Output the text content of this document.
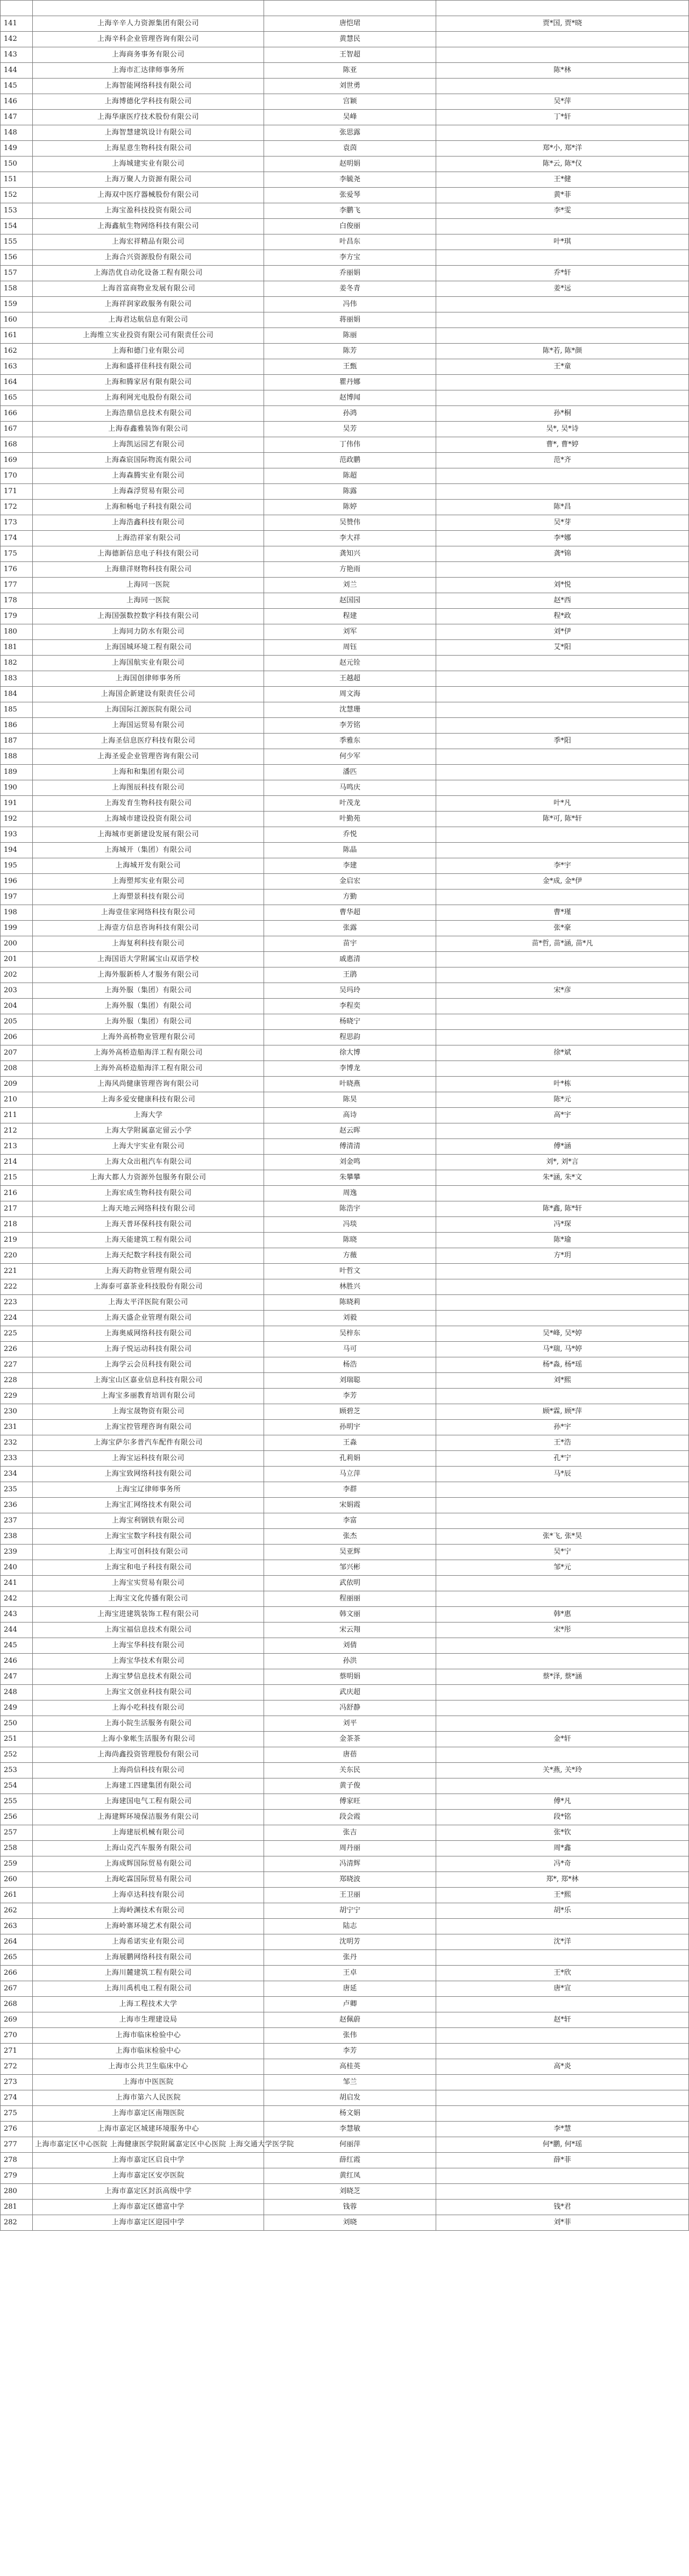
141	上海辛辛人力资源集团有限公司	唐恺珺	贾*国, 贾*晓
142	上海辛科企业管理咨询有限公司	黄慧民	
143	上海商务事务有限公司	王智超	
144	上海市汇达律师事务所	陈亚	陈*林
145	上海智能网络科技有限公司	刘世勇	
146	上海博德化学科技有限公司	宫颖	吴*萍
147	上海华康医疗技术股份有限公司	吴峰	丁*轩
148	上海智慧建筑设计有限公司	张思露	
149	上海星意生物科技有限公司	袁茵	郑*小, 郑*洋
150	上海城建实业有限公司	赵明娟	陈*云, 陈*仪
151	上海万聚人力资源有限公司	李毓尧	王*健
152	上海双中医疗器械股份有限公司	张爱琴	黄*菲
153	上海宝盈科技投资有限公司	李鹏飞	李*雯
154	上海鑫航生物网络科技有限公司	白俊丽	
155	上海宏祥精品有限公司	叶昌东	叶*琪
156	上海合兴资源股份有限公司	李方宝	
157	上海浩优自动化设备工程有限公司	乔丽娟	乔*轩
158	上海首富商物业发展有限公司	姜冬青	姜*远
159	上海祥润家政服务有限公司	冯伟	
160	上海君达航信息有限公司	蒋丽娟	
161	上海维立实业投资有限公司有限责任公司	陈丽	
162	上海和德门业有限公司	陈芳	陈*若, 陈*颜
163	上海和盛祥佳科技有限公司	王甄	王*童
164	上海和腾家居有限有限公司	瞿丹娜	
165	上海利网光电股份有限公司	赵博闻	
166	上海浩鼎信息技术有限公司	孙鸿	孙*桐
167	上海春鑫雅装饰有限公司	吴芳	吴*, 吴*诗
168	上海凯运园艺有限公司	丁伟伟	曹*, 曹*婷
169	上海森宸国际物流有限公司	范政鹏	范*齐
170	上海森腾实业有限公司	陈超	
171	上海森浮贸易有限公司	陈露	
172	上海和畅电子科技有限公司	陈婷	陈*昌
173	上海浩鑫科技有限公司	吴赞伟	吴*芽
174	上海浩祥家有限公司	李大祥	李*娜
175	上海德新信息电子科技有限公司	龚知兴	龚*锦
176	上海鼎洋财物科技有限公司	方艳雨	
177	上海同一医院	刘兰	刘*悦
178	上海同一医院	赵国园	赵*西
179	上海国强数控数字科技有限公司	程建	程*政
180	上海同力防水有限公司	刘军	刘*伊
181	上海国城环境工程有限公司	周钰	艾*阳
182	上海国航实业有限公司	赵元铨	
183	上海国创律师事务所	王越超	
184	上海国企新建设有限责任公司	周文海	
185	上海国际江源医院有限公司	沈慧珊	
186	上海国运贸易有限公司	李芳铭	
187	上海圣信息医疗科技有限公司	季雅东	季*阳
188	上海圣爱企业管理咨询有限公司	何少军	
189	上海和和集团有限公司	潘匹	
190	上海图辰科技有限公司	马鸣庆	
191	上海发育生物科技有限公司	叶茂龙	叶*凡
192	上海城市建设投资有限公司	叶勤苑	陈*可, 陈*轩
193	上海城市更新建设发展有限公司	乔悦	
194	上海城开（集团）有限公司	陈晶	
195	上海城开发有限公司	李建	李*宇
196	上海塑邦实业有限公司	金启宏	金*成, 金*伊
197	上海塑景科技有限公司	方勤	
198	上海壹佳家网络科技有限公司	曹华超	曹*瑾
199	上海壹方信息咨询科技有限公司	张露	张*豪
200	上海复利科技有限公司	苗宇	苗*哲, 苗*涵, 苗*凡
201	上海国语大学附属宝山双语学校	戚惠清	
202	上海外服新桥人才服务有限公司	王鹃	
203	上海外服（集团）有限公司	吴玛玲	宋*彦
204	上海外服（集团）有限公司	李程奕	
205	上海外服（集团）有限公司	杨晓宁	
206	上海外高桥物业管理有限公司	程思韵	
207	上海外高桥造船海洋工程有限公司	徐大博	徐*斌
208	上海外高桥造船海洋工程有限公司	李博龙	
209	上海风尚健康管理咨询有限公司	叶晓燕	叶*栋
210	上海多爱安健康科技有限公司	陈昊	陈*元
211	上海大学	高诗	高*宇
212	上海大学附属嘉定留云小学	赵云晖	
213	上海大宇实业有限公司	傅清清	傅*涵
214	上海大众出租汽车有限公司	刘金鸣	刘*, 刘*言
215	上海大都人力资源外包服务有限公司	朱攀攀	朱*涵, 朱*文
216	上海宏成生物科技有限公司	周逸	
217	上海天地云网络科技有限公司	陈浩宇	陈*鑫, 陈*轩
218	上海天普环保科技有限公司	冯琰	冯*琛
219	上海天能建筑工程有限公司	陈晓	陈*瑜
220	上海天纪数字科技有限公司	方薇	方*玥
221	上海天韵物业管理有限公司	叶哲文	
222	上海泰可嘉茶业科技股份有限公司	林胜兴	
223	上海太平洋医院有限公司	陈晓莉	
224	上海天盛企业管理有限公司	刘毅	
225	上海奥威网络科技有限公司	吴梓东	吴*峰, 吴*婷
226	上海子悦运动科技有限公司	马可	马*瑞, 马*婷
227	上海学云会员科技有限公司	杨浩	杨*淼, 杨*瑶
228	上海宝山区嘉业信息科技有限公司	刘瑞聪	刘*熙
229	上海宝多丽教育培训有限公司	李芳	
230	上海宝晟物资有限公司	顾碧芝	顾*霖, 顾*萍
231	上海宝控管理咨询有限公司	孙明宇	孙*宇
232	上海宝萨尔多普汽车配件有限公司	王淼	王*浩
233	上海宝运科技有限公司	孔莉娟	孔*宁
234	上海宝致网络科技有限公司	马立萍	马*辰
235	上海宝辽律师事务所	李群	
236	上海宝汇网络技术有限公司	宋娟霞	
237	上海宝利钢铁有限公司	李富	
238	上海宝宝数字科技有限公司	张杰	张*飞, 张*昊
239	上海宝可创科技有限公司	吴亚辉	吴*宁
240	上海宝和电子科技有限公司	邹兴彬	邹*元
241	上海宝实贸易有限公司	武依明	
242	上海宝文化传播有限公司	程丽丽	
243	上海宝进建筑装饰工程有限公司	韩文丽	韩*惠
244	上海宝福信息技术有限公司	宋云翔	宋*彤
245	上海宝华科技有限公司	刘倩	
246	上海宝华技术有限公司	孙洪	
247	上海宝梦信息技术有限公司	蔡明娟	蔡*泽, 蔡*涵
248	上海宝文创业科技有限公司	武庆超	
249	上海小吃科技有限公司	冯舒静	
250	上海小院生活服务有限公司	刘平	
251	上海小象帐生活服务有限公司	金茶茶	金*轩
252	上海尚鑫投资管理股份有限公司	唐蓓	
253	上海尚信科技有限公司	关东民	关*燕, 关*玲
254	上海建工四建集团有限公司	黄子俊	
255	上海建国电气工程有限公司	傅家旺	傅*凡
256	上海建辉环境保洁服务有限公司	段会霞	段*铭
257	上海建辰机械有限公司	张吉	张*钦
258	上海山克汽车服务有限公司	周丹丽	周*鑫
259	上海成辉国际贸易有限公司	冯清辉	冯*奇
260	上海屹霖国际贸易有限公司	郑晓波	郑*, 郑*林
261	上海卓达科技有限公司	王卫丽	王*熙
262	上海岭渊技术有限公司	胡宁宁	胡*乐
263	上海岭寨环境艺术有限公司	陆志	
264	上海希诺实业有限公司	沈明芳	沈*洋
265	上海展鹏网络科技有限公司	张丹	
266	上海川麓建筑工程有限公司	王卓	王*欣
267	上海川禹机电工程有限公司	唐延	唐*宣
268	上海工程技术大学	卢卿	
269	上海市生理建设局	赵佩蔚	赵*轩
270	上海市临床检验中心	张伟	
271	上海市临床检验中心	李芳	
272	上海市公共卫生临床中心	高桂英	高*炎
273	上海市中医医院	邹兰	
274	上海市第六人民医院	胡启发	
275	上海市嘉定区南翔医院	杨文娟	
276	上海市嘉定区城建环境服务中心	李慧敏	李*慧
277	上海市嘉定区中心医院 上海健康医学院附属嘉定区中心医院 上海交通大学医学院	何丽萍	何*鹏, 何*瑶
278	上海市嘉定区启良中学	薛红霞	薛*菲
279	上海市嘉定区安亭医院	黄红凤	
280	上海市嘉定区封浜高级中学	刘晓芝	
281	上海市嘉定区德富中学	钱蓉	钱*君
282	上海市嘉定区迎园中学	刘晓	刘*菲
